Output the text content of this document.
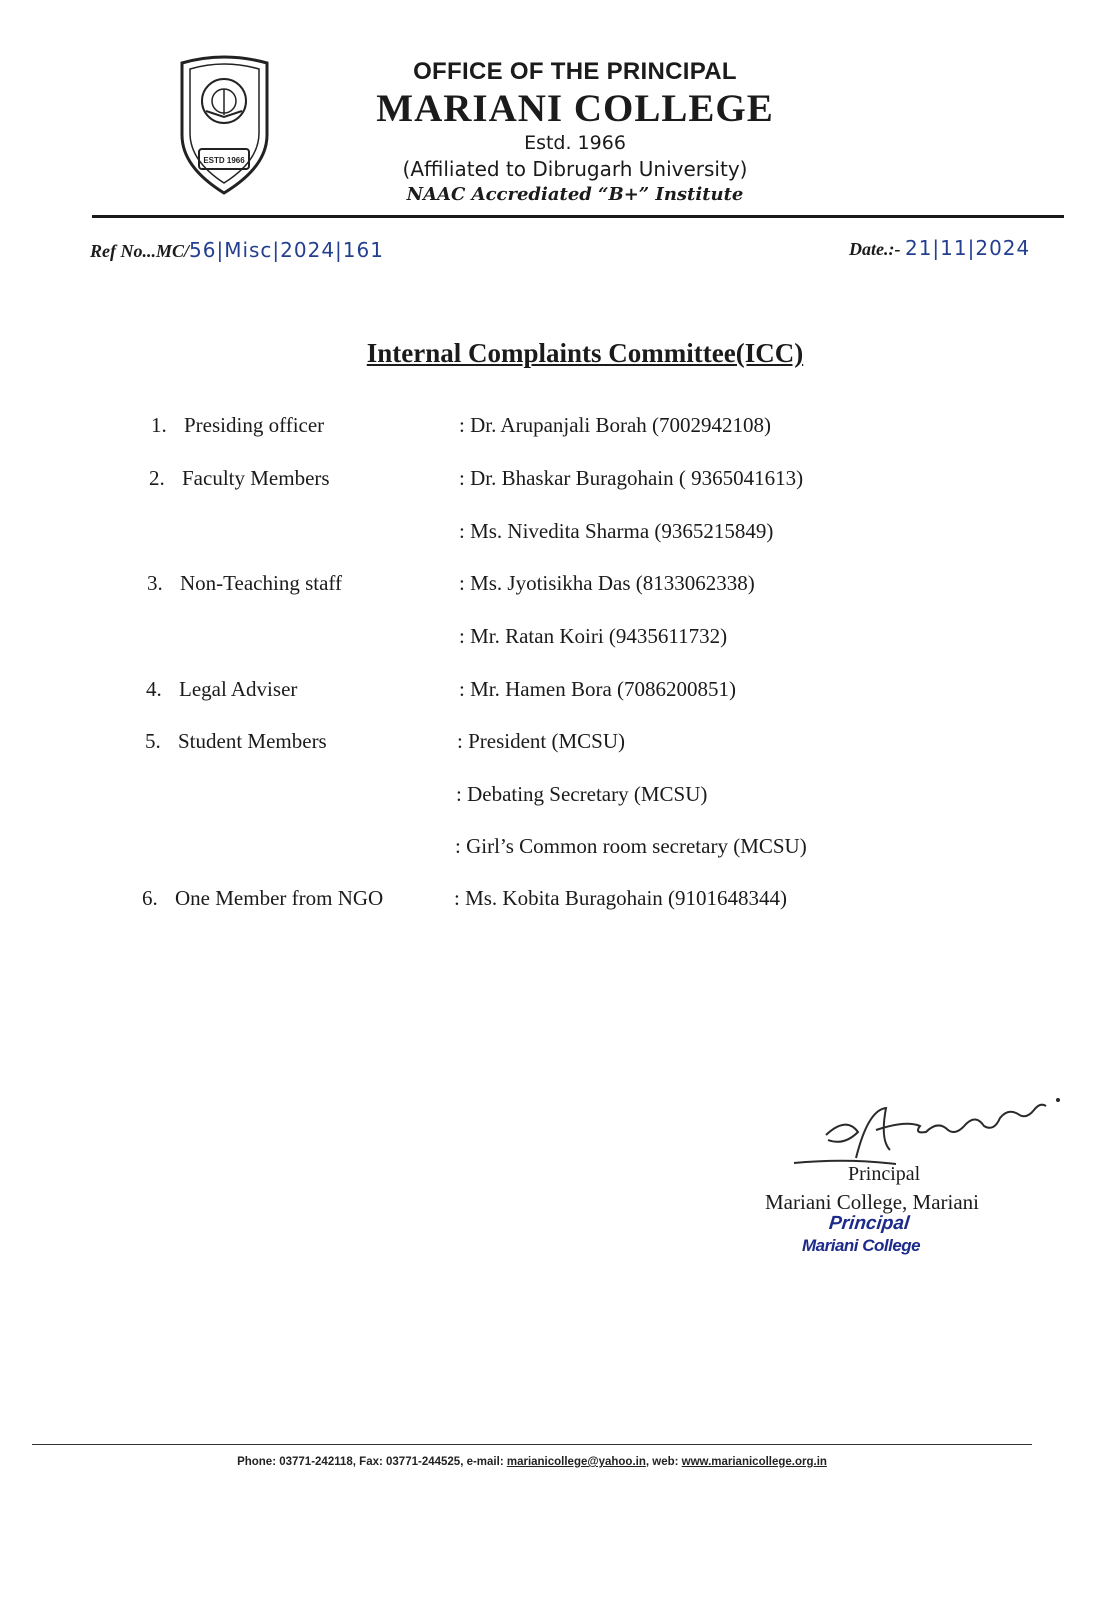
ESTD 1966
OFFICE OF THE PRINCIPAL
MARIANI COLLEGE
Estd. 1966
(Affiliated to Dibrugarh University)
NAAC Accrediated “B+” Institute
Ref No...MC/56|Misc|2024|161	Date.:- 21|11|2024
Internal Complaints Committee(ICC)
1. Presiding officer	: Dr. Arupanjali Borah (7002942108)
2. Faculty Members	: Dr. Bhaskar Buragohain ( 9365041613)
: Ms. Nivedita Sharma (9365215849)
3. Non-Teaching staff	: Ms. Jyotisikha Das (8133062338)
: Mr. Ratan Koiri (9435611732)
4. Legal Adviser	: Mr. Hamen Bora (7086200851)
5. Student Members	: President (MCSU)
: Debating Secretary (MCSU)
: Girl’s Common room secretary (MCSU)
6. One Member from NGO	: Ms. Kobita Buragohain (9101648344)
Principal
Mariani College, Mariani
Principal
Mariani College
Phone: 03771-242118, Fax: 03771-244525, e-mail: marianicollege@yahoo.in, web: www.marianicollege.org.in
